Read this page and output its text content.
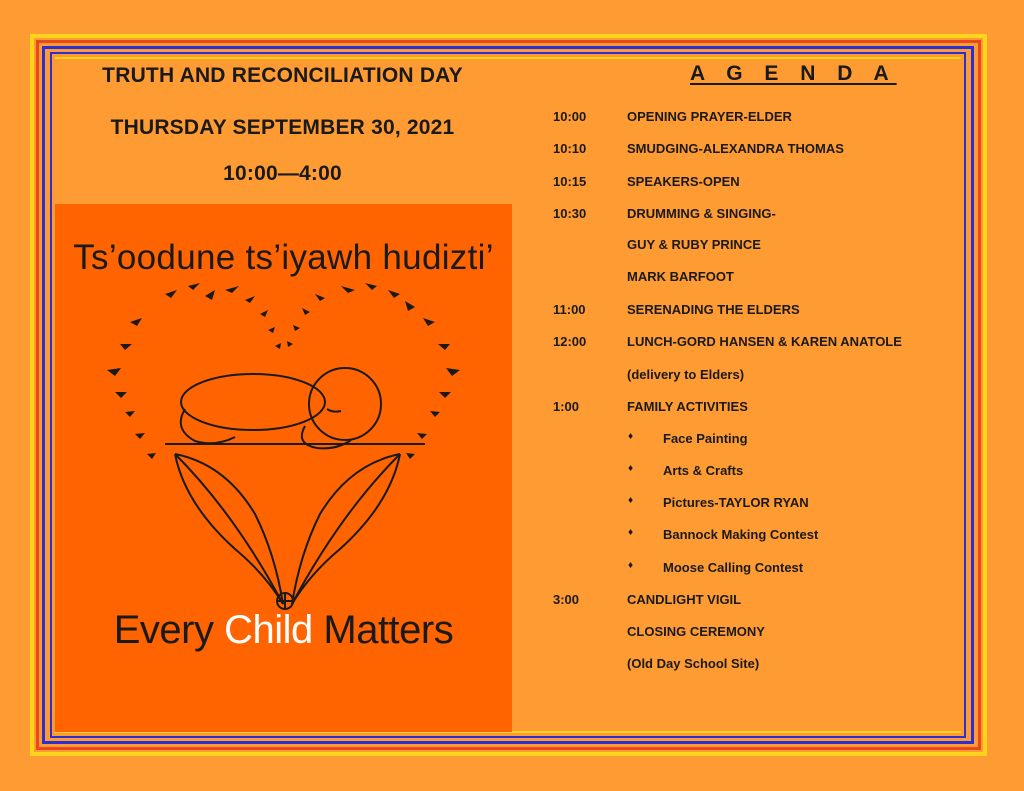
TRUTH AND RECONCILIATION DAY
THURSDAY SEPTEMBER 30, 2021
10:00—4:00
Ts’oodune ts’iyawh hudizti’
Every Child Matters
A G E N D A
10:00	OPENING PRAYER-ELDER
10:10	SMUDGING-ALEXANDRA THOMAS
10:15	SPEAKERS-OPEN
10:30	DRUMMING & SINGING-
GUY & RUBY PRINCE
MARK BARFOOT
11:00	SERENADING THE ELDERS
12:00	LUNCH-GORD HANSEN & KAREN ANATOLE
(delivery to Elders)
1:00	FAMILY ACTIVITIES
♦ Face Painting
♦ Arts & Crafts
♦ Pictures-TAYLOR RYAN
♦ Bannock Making Contest
♦ Moose Calling Contest
3:00	CANDLIGHT VIGIL
CLOSING CEREMONY
(Old Day School Site)
